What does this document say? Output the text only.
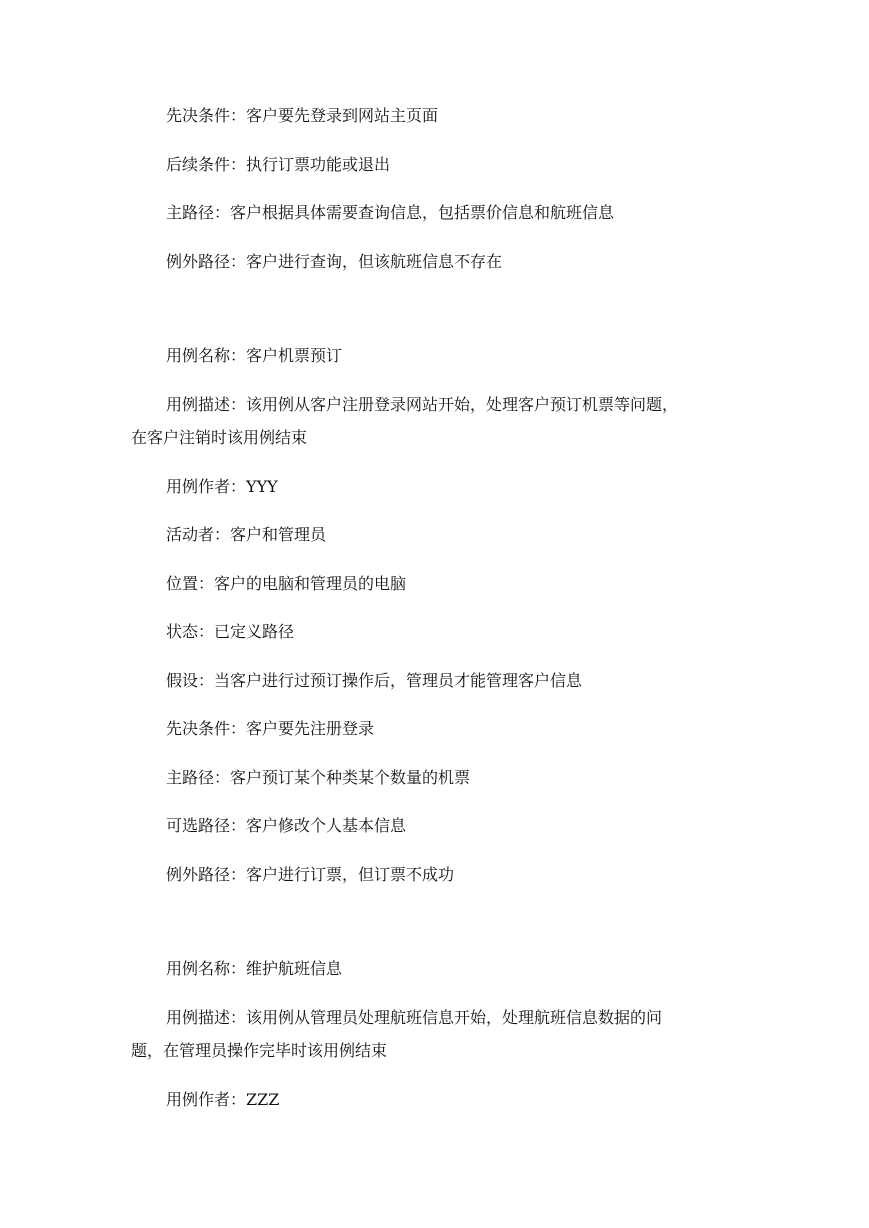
先决条件：客户要先登录到网站主页面
后续条件：执行订票功能或退出
主路径：客户根据具体需要查询信息，包括票价信息和航班信息
例外路径：客户进行查询，但该航班信息不存在
用例名称：客户机票预订
用例描述：该用例从客户注册登录网站开始，处理客户预订机票等问题，
在客户注销时该用例结束
用例作者：YYY
活动者：客户和管理员
位置：客户的电脑和管理员的电脑
状态：已定义路径
假设：当客户进行过预订操作后，管理员才能管理客户信息
先决条件：客户要先注册登录
主路径：客户预订某个种类某个数量的机票
可选路径：客户修改个人基本信息
例外路径：客户进行订票，但订票不成功
用例名称：维护航班信息
用例描述：该用例从管理员处理航班信息开始，处理航班信息数据的问
题，在管理员操作完毕时该用例结束
用例作者：ZZZ
